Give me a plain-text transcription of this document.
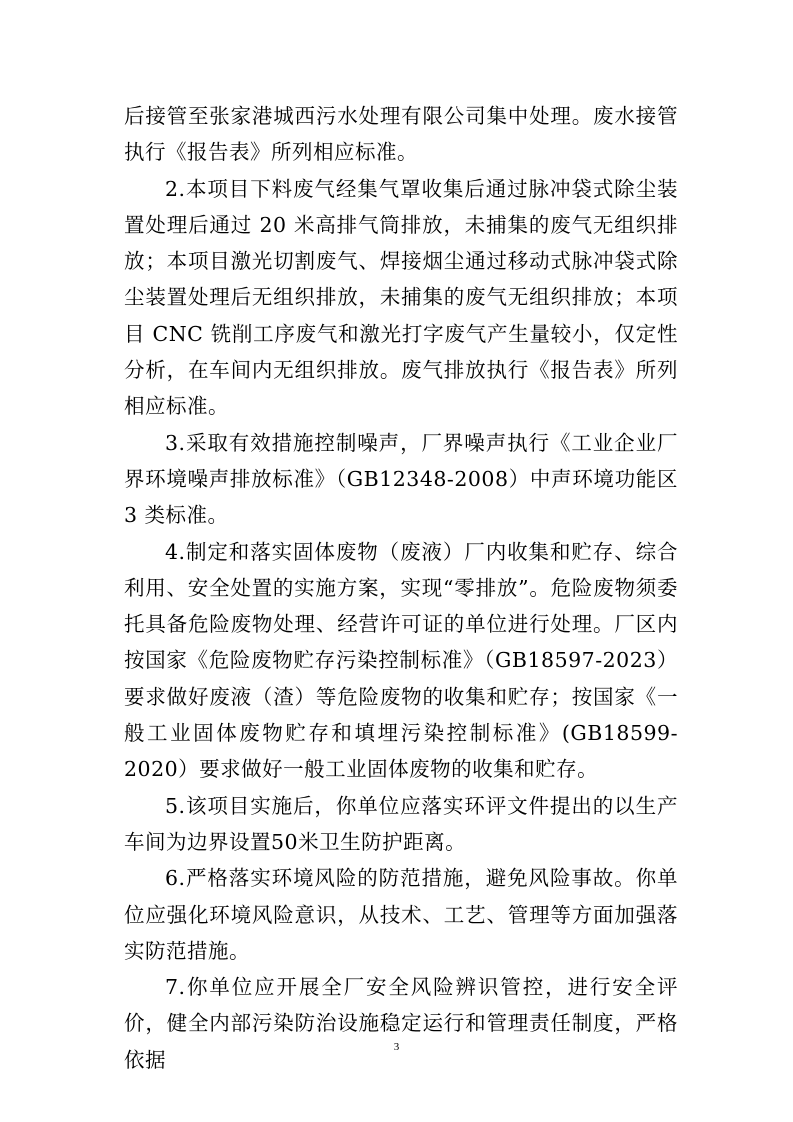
后接管至张家港城西污水处理有限公司集中处理。废水接管执行《报告表》所列相应标准。

2.本项目下料废气经集气罩收集后通过脉冲袋式除尘装置处理后通过 20 米高排气筒排放，未捕集的废气无组织排放；本项目激光切割废气、焊接烟尘通过移动式脉冲袋式除尘装置处理后无组织排放，未捕集的废气无组织排放；本项目 CNC 铣削工序废气和激光打字废气产生量较小，仅定性分析，在车间内无组织排放。废气排放执行《报告表》所列相应标准。

3.采取有效措施控制噪声，厂界噪声执行《工业企业厂界环境噪声排放标准》（GB12348-2008）中声环境功能区 3 类标准。

4.制定和落实固体废物（废液）厂内收集和贮存、综合利用、安全处置的实施方案，实现“零排放”。危险废物须委托具备危险废物处理、经营许可证的单位进行处理。厂区内按国家《危险废物贮存污染控制标准》（GB18597-2023）要求做好废液（渣）等危险废物的收集和贮存；按国家《一般工业固体废物贮存和填埋污染控制标准》(GB18599-2020）要求做好一般工业固体废物的收集和贮存。

5.该项目实施后，你单位应落实环评文件提出的以生产车间为边界设置50米卫生防护距离。

6.严格落实环境风险的防范措施，避免风险事故。你单位应强化环境风险意识，从技术、工艺、管理等方面加强落实防范措施。

7.你单位应开展全厂安全风险辨识管控，进行安全评价，健全内部污染防治设施稳定运行和管理责任制度，严格依据

3
